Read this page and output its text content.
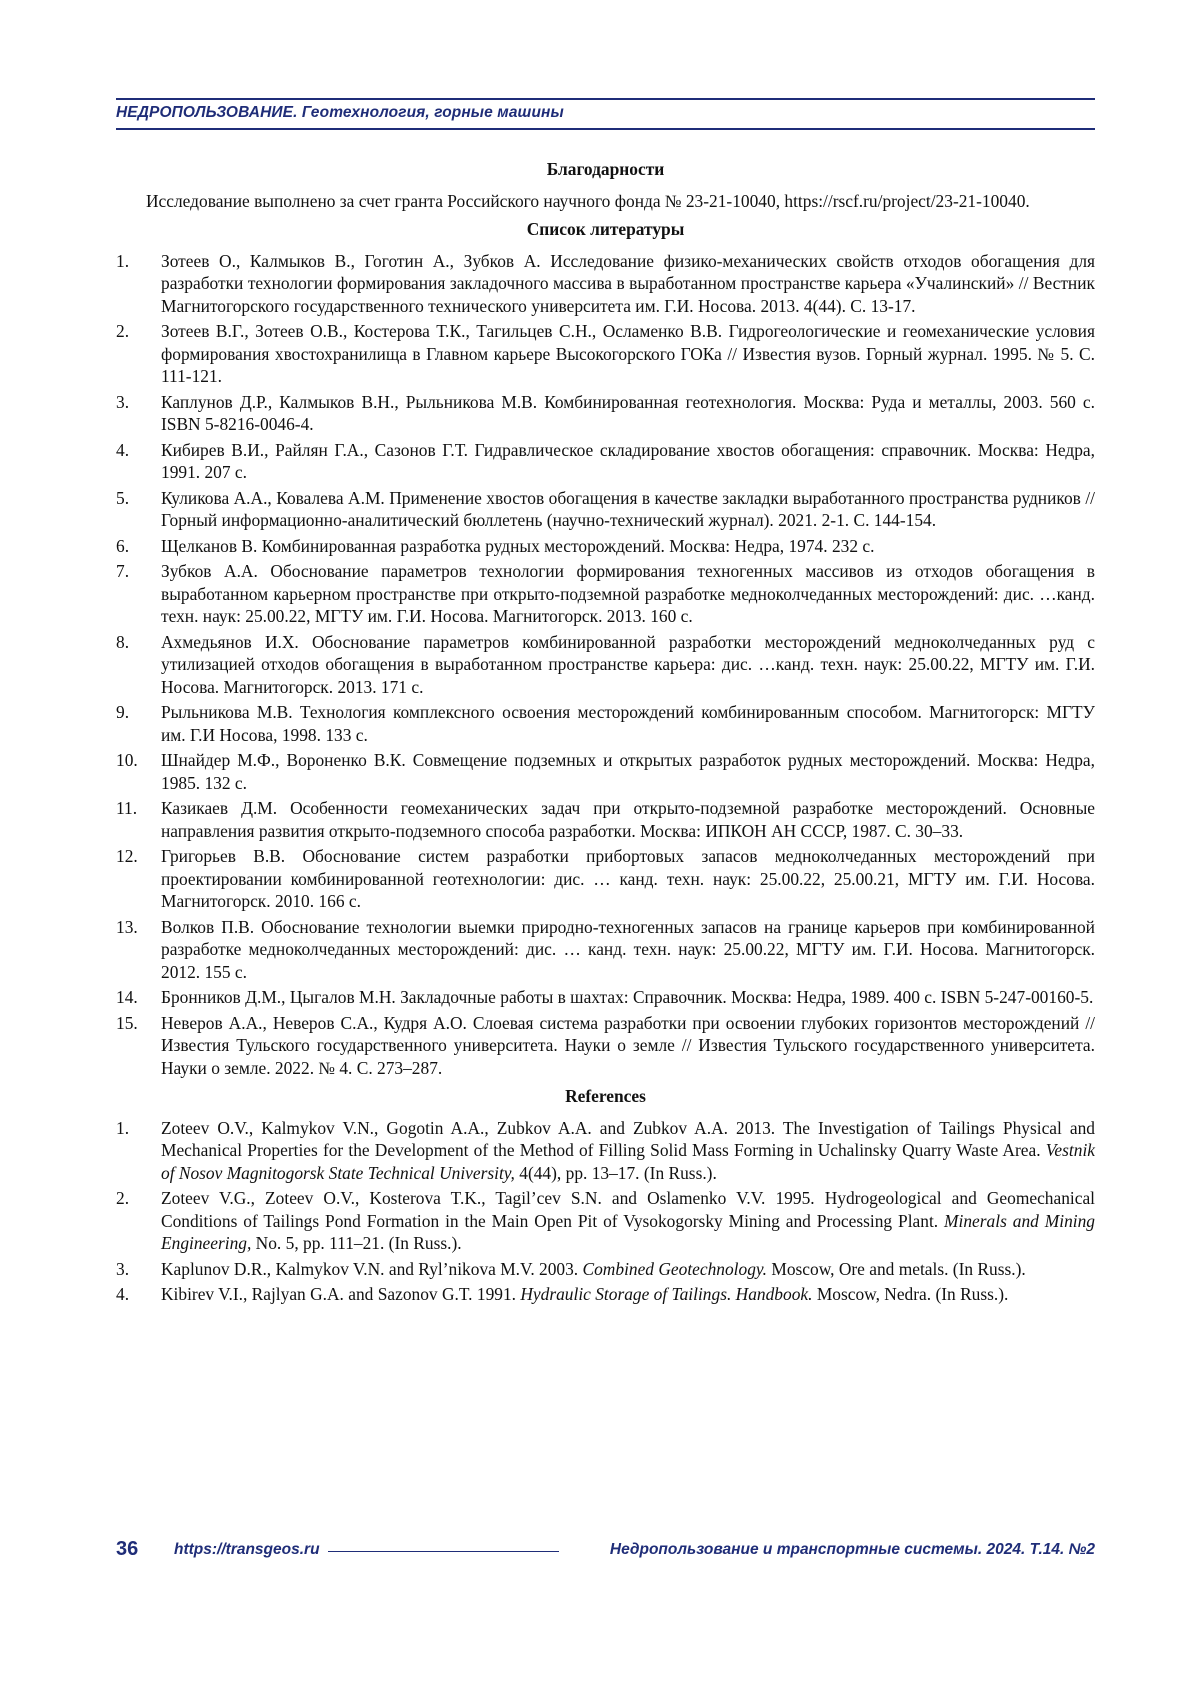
НЕДРОПОЛЬЗОВАНИЕ. Геотехнология, горные машины
Благодарности

Исследование выполнено за счет гранта Российского научного фонда № 23-21-10040, https://rscf.ru/project/23-21-10040.

Список литературы
1. Зотеев О., Калмыков В., Гоготин А., Зубков А. Исследование физико-механических свойств отходов обогащения для разработки технологии формирования закладочного массива в выработанном пространстве карьера «Учалинский» // Вестник Магнитогорского государственного технического университета им. Г.И. Носова. 2013. 4(44). С. 13-17.
2. Зотеев В.Г., Зотеев О.В., Костерова Т.К., Тагильцев С.Н., Осламенко В.В. Гидрогеологические и геомеханические условия формирования хвостохранилища в Главном карьере Высокогорского ГОКа // Известия вузов. Горный журнал. 1995. № 5. С. 111-121.
3. Каплунов Д.Р., Калмыков В.Н., Рыльникова М.В. Комбинированная геотехнология. Москва: Руда и металлы, 2003. 560 с. ISBN 5-8216-0046-4.
4. Кибирев В.И., Райлян Г.А., Сазонов Г.Т. Гидравлическое складирование хвостов обогащения: справочник. Москва: Недра, 1991. 207 с.
5. Куликова А.А., Ковалева А.М. Применение хвостов обогащения в качестве закладки выработанного пространства рудников // Горный информационно-аналитический бюллетень (научно-технический журнал). 2021. 2-1. С. 144-154.
6. Щелканов В. Комбинированная разработка рудных месторождений. Москва: Недра, 1974. 232 с.
7. Зубков А.А. Обоснование параметров технологии формирования техногенных массивов из отходов обогащения в выработанном карьерном пространстве при открыто-подземной разработке медноколчеданных месторождений: дис. …канд. техн. наук: 25.00.22, МГТУ им. Г.И. Носова. Магнитогорск. 2013. 160 с.
8. Ахмедьянов И.Х. Обоснование параметров комбинированной разработки месторождений медноколчеданных руд с утилизацией отходов обогащения в выработанном пространстве карьера: дис. …канд. техн. наук: 25.00.22, МГТУ им. Г.И. Носова. Магнитогорск. 2013. 171 с.
9. Рыльникова М.В. Технология комплексного освоения месторождений комбинированным способом. Магнитогорск: МГТУ им. Г.И Носова, 1998. 133 с.
10. Шнайдер М.Ф., Вороненко В.К. Совмещение подземных и открытых разработок рудных месторождений. Москва: Недра, 1985. 132 с.
11. Казикаев Д.М. Особенности геомеханических задач при открыто-подземной разработке месторождений. Основные направления развития открыто-подземного способа разработки. Москва: ИПКОН АН СССР, 1987. С. 30–33.
12. Григорьев В.В. Обоснование систем разработки прибортовых запасов медноколчеданных месторождений при проектировании комбинированной геотехнологии: дис. … канд. техн. наук: 25.00.22, 25.00.21, МГТУ им. Г.И. Носова. Магнитогорск. 2010. 166 с.
13. Волков П.В. Обоснование технологии выемки природно-техногенных запасов на границе карьеров при комбинированной разработке медноколчеданных месторождений: дис. … канд. техн. наук: 25.00.22, МГТУ им. Г.И. Носова. Магнитогорск. 2012. 155 с.
14. Бронников Д.М., Цыгалов М.Н. Закладочные работы в шахтах: Справочник. Москва: Недра, 1989. 400 с. ISBN 5-247-00160-5.
15. Неверов А.А., Неверов С.А., Кудря А.О. Слоевая система разработки при освоении глубоких горизонтов месторождений //Известия Тульского государственного университета. Науки о земле // Известия Тульского государственного университета. Науки о земле. 2022. № 4. С. 273–287.
References
1. Zoteev O.V., Kalmykov V.N., Gogotin A.A., Zubkov A.A. and Zubkov A.A. 2013. The Investigation of Tailings Physical and Mechanical Properties for the Development of the Method of Filling Solid Mass Forming in Uchalinsky Quarry Waste Area. Vestnik of Nosov Magnitogorsk State Technical University, 4(44), pp. 13–17. (In Russ.).
2. Zoteev V.G., Zoteev O.V., Kosterova T.K., Tagil’cev S.N. and Oslamenko V.V. 1995. Hydrogeological and Geomechanical Conditions of Tailings Pond Formation in the Main Open Pit of Vysokogorsky Mining and Processing Plant. Minerals and Mining Engineering, No. 5, pp. 111–21. (In Russ.).
3. Kaplunov D.R., Kalmykov V.N. and Ryl’nikova M.V. 2003. Combined Geotechnology. Moscow, Ore and metals. (In Russ.).
4. Kibirev V.I., Rajlyan G.A. and Sazonov G.T. 1991. Hydraulic Storage of Tailings. Handbook. Moscow, Nedra. (In Russ.).
36 https://transgeos.ru	Недропользование и транспортные системы. 2024. Т.14. №2
